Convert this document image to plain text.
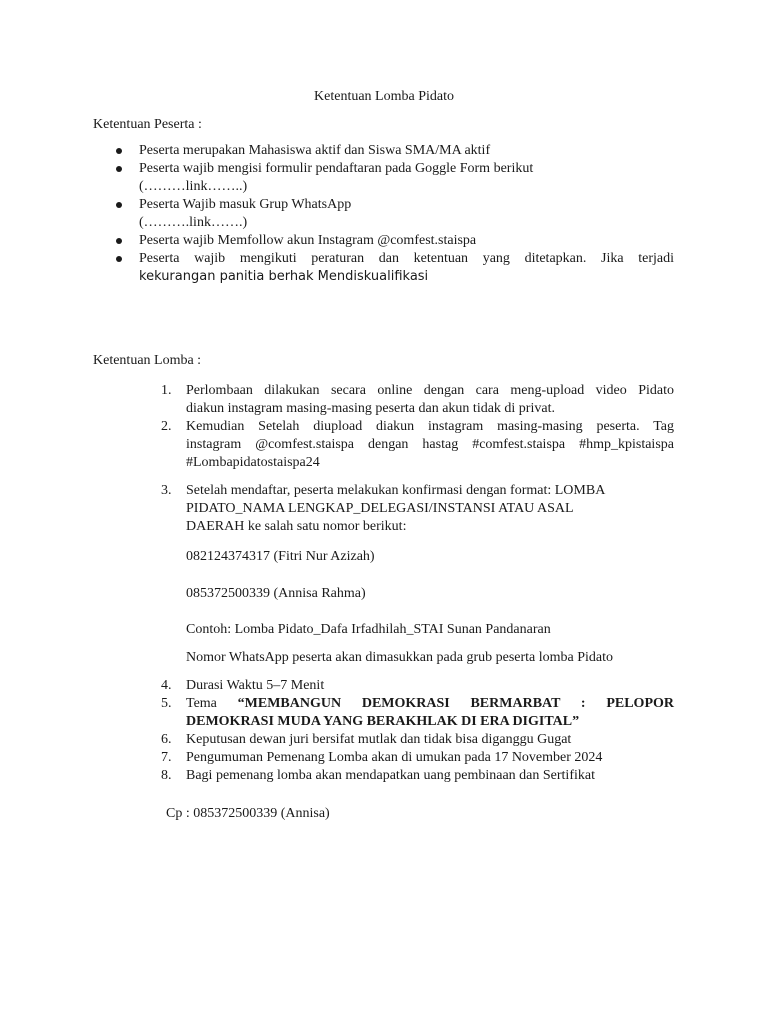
Ketentuan Lomba Pidato
Ketentuan Peserta :
Peserta merupakan Mahasiswa aktif dan Siswa SMA/MA aktif
Peserta wajib mengisi formulir pendaftaran pada Goggle Form berikut
(………link……..)
Peserta Wajib masuk Grup WhatsApp
(……….link…….)
Peserta wajib Memfollow akun Instagram @comfest.staispa
Peserta wajib mengikuti peraturan dan ketentuan yang ditetapkan. Jika terjadi
kekurangan panitia berhak Mendiskualifikasi
Ketentuan Lomba :
1. Perlombaan dilakukan secara online dengan cara meng-upload video Pidato
diakun instagram masing-masing peserta dan akun tidak di privat.
2. Kemudian Setelah diupload diakun instagram masing-masing peserta. Tag
instagram @comfest.staispa dengan hastag #comfest.staispa #hmp_kpistaispa
#Lombapidatostaispa24
3. Setelah mendaftar, peserta melakukan konfirmasi dengan format: LOMBA
PIDATO_NAMA LENGKAP_DELEGASI/INSTANSI ATAU ASAL
DAERAH ke salah satu nomor berikut:
082124374317 (Fitri Nur Azizah)
085372500339 (Annisa Rahma)
Contoh: Lomba Pidato_Dafa Irfadhilah_STAI Sunan Pandanaran
Nomor WhatsApp peserta akan dimasukkan pada grub peserta lomba Pidato
4. Durasi Waktu 5–7 Menit
5. Tema “MEMBANGUN DEMOKRASI BERMARBAT : PELOPOR
DEMOKRASI MUDA YANG BERAKHLAK DI ERA DIGITAL”
6. Keputusan dewan juri bersifat mutlak dan tidak bisa diganggu Gugat
7. Pengumuman Pemenang Lomba akan di umukan pada 17 November 2024
8. Bagi pemenang lomba akan mendapatkan uang pembinaan dan Sertifikat
Cp : 085372500339 (Annisa)
